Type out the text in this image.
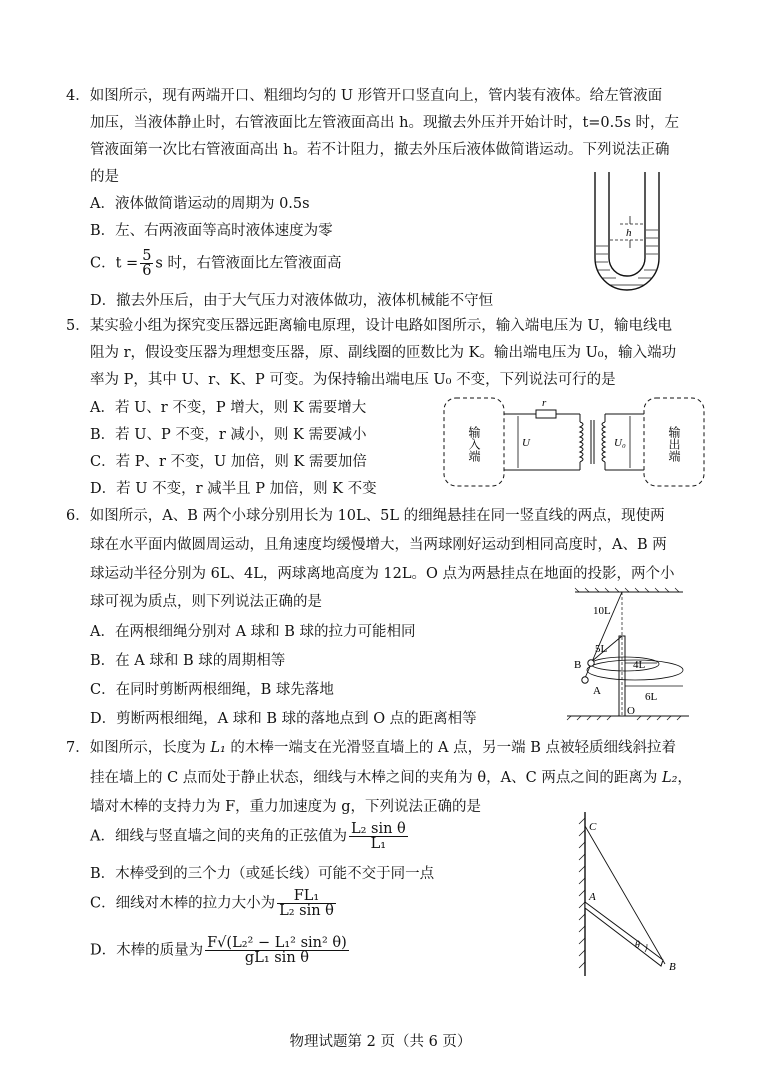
4．如图所示，现有两端开口、粗细均匀的 U 形管开口竖直向上，管内装有液体。给左管液面
加压，当液体静止时，右管液面比左管液面高出 h。现撤去外压并开始计时，t=0.5s 时，左
管液面第一次比右管液面高出 h。若不计阻力，撤去外压后液体做简谐运动。下列说法正确
的是
A．液体做简谐运动的周期为 0.5s
B．左、右两液面等高时液体速度为零
C．$t = \frac{5}{6}$ s 时，右管液面比左管液面高
D．撤去外压后，由于大气压力对液体做功，液体机械能不守恒
h
5．某实验小组为探究变压器远距离输电原理，设计电路如图所示，输入端电压为 U，输电线电
阻为 r，假设变压器为理想变压器，原、副线圈的匝数比为 K。输出端电压为 U₀，输入端功
率为 P，其中 U、r、K、P 可变。为保持输出端电压 U₀ 不变，下列说法可行的是
A．若 U、r 不变，P 增大，则 K 需要增大
B．若 U、P 不变，r 减小，则 K 需要减小
C．若 P、r 不变，U 加倍，则 K 需要加倍
D．若 U 不变，r 减半且 P 加倍，则 K 不变
r
U	U₀
输入端	输出端
6．如图所示，A、B 两个小球分别用长为 10L、5L 的细绳悬挂在同一竖直线的两点，现使两
球在水平面内做圆周运动，且角速度均缓慢增大，当两球刚好运动到相同高度时，A、B 两
球运动半径分别为 6L、4L，两球离地高度为 12L。O 点为两悬挂点在地面的投影，两个小
球可视为质点，则下列说法正确的是
A．在两根细绳分别对 A 球和 B 球的拉力可能相同
B．在 A 球和 B 球的周期相等
C．在同时剪断两根细绳，B 球先落地
D．剪断两根细绳，A 球和 B 球的落地点到 O 点的距离相等
10L
5L
4L
6L
A
B
O
7．如图所示，长度为 L₁ 的木棒一端支在光滑竖直墙上的 A 点，另一端 B 点被轻质细线斜拉着
挂在墙上的 C 点而处于静止状态，细线与木棒之间的夹角为 θ，A、C 两点之间的距离为 L₂，
墙对木棒的支持力为 F，重力加速度为 g，下列说法正确的是
A．细线与竖直墙之间的夹角的正弦值为 $\frac{\text{L₂ sin θ}}{\text{L₁}}$
B．木棒受到的三个力（或延长线）可能不交于同一点
C．细线对木棒的拉力大小为 $\frac{\text{FL₁}}{\text{L₂ sin θ}}$
D．木棒的质量为 $\frac{\text{F√(L₂² − L₁² sin² θ)}}{\text{gL₁ sin θ}}$
C
A
B
θ
物理试题第 2 页（共 6 页）
